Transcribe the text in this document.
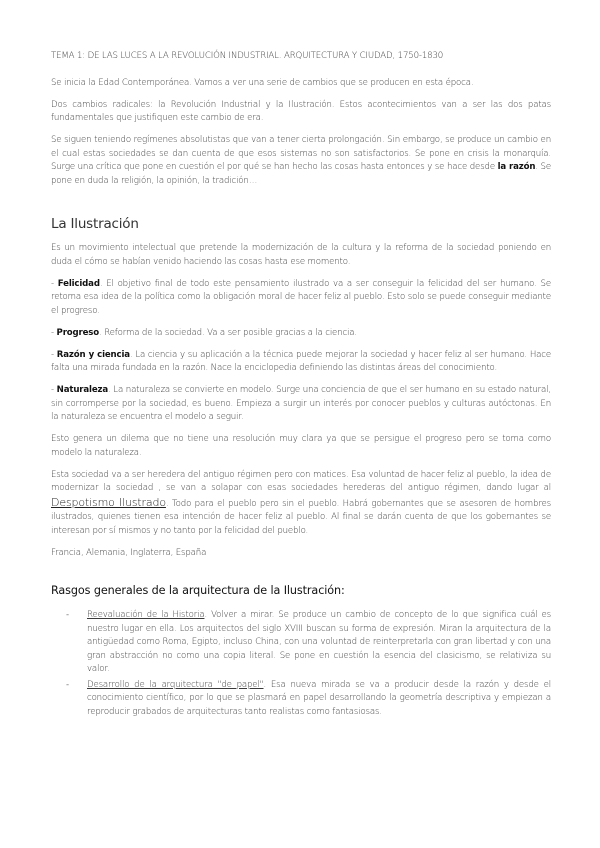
TEMA 1: DE LAS LUCES A LA REVOLUCIÓN INDUSTRIAL. ARQUITECTURA Y CIUDAD, 1750-1830

Se inicia la Edad Contemporánea. Vamos a ver una serie de cambios que se producen en esta época.

Dos cambios radicales: la Revolución Industrial y la Ilustración. Estos acontecimientos van a ser las dos patas fundamentales que justifiquen este cambio de era.

Se siguen teniendo regímenes absolutistas que van a tener cierta prolongación. Sin embargo, se produce un cambio en el cual estas sociedades se dan cuenta de que esos sistemas no son satisfactorios. Se pone en crisis la monarquía. Surge una crítica que pone en cuestión el por qué se han hecho las cosas hasta entonces y se hace desde la razón. Se pone en duda la religión, la opinión, la tradición…

La Ilustración

Es un movimiento intelectual que pretende la modernización de la cultura y la reforma de la sociedad poniendo en duda el cómo se habían venido haciendo las cosas hasta ese momento.

- Felicidad. El objetivo final de todo este pensamiento ilustrado va a ser conseguir la felicidad del ser humano. Se retoma esa idea de la política como la obligación moral de hacer feliz al pueblo. Esto solo se puede conseguir mediante el progreso.

- Progreso. Reforma de la sociedad. Va a ser posible gracias a la ciencia.

- Razón y ciencia. La ciencia y su aplicación a la técnica puede mejorar la sociedad y hacer feliz al ser humano. Hace falta una mirada fundada en la razón. Nace la enciclopedia definiendo las distintas áreas del conocimiento.

- Naturaleza. La naturaleza se convierte en modelo. Surge una conciencia de que el ser humano en su estado natural, sin corromperse por la sociedad, es bueno. Empieza a surgir un interés por conocer pueblos y culturas autóctonas. En la naturaleza se encuentra el modelo a seguir.

Esto genera un dilema que no tiene una resolución muy clara ya que se persigue el progreso pero se toma como modelo la naturaleza.

Esta sociedad va a ser heredera del antiguo régimen pero con matices. Esa voluntad de hacer feliz al pueblo, la idea de modernizar la sociedad , se van a solapar con esas sociedades herederas del antiguo régimen, dando lugar al Despotismo Ilustrado. Todo para el pueblo pero sin el pueblo. Habrá gobernantes que se asesoren de hombres ilustrados, quienes tienen esa intención de hacer feliz al pueblo. Al final se darán cuenta de que los gobernantes se interesan por sí mismos y no tanto por la felicidad del pueblo.

Francia, Alemania, Inglaterra, España

Rasgos generales de la arquitectura de la Ilustración:
- Reevaluación de la Historia. Volver a mirar. Se produce un cambio de concepto de lo que significa cuál es nuestro lugar en ella. Los arquitectos del siglo XVIII buscan su forma de expresión. Miran la arquitectura de la antigüedad como Roma, Egipto, incluso China, con una voluntad de reinterpretarla con gran libertad y con una gran abstracción no como una copia literal. Se pone en cuestión la esencia del clasicismo, se relativiza su valor.

- Desarrollo de la arquitectura "de papel". Esa nueva mirada se va a producir desde la razón y desde el conocimiento científico, por lo que se plasmará en papel desarrollando la geometría descriptiva y empiezan a reproducir grabados de arquitecturas tanto realistas como fantasiosas.
